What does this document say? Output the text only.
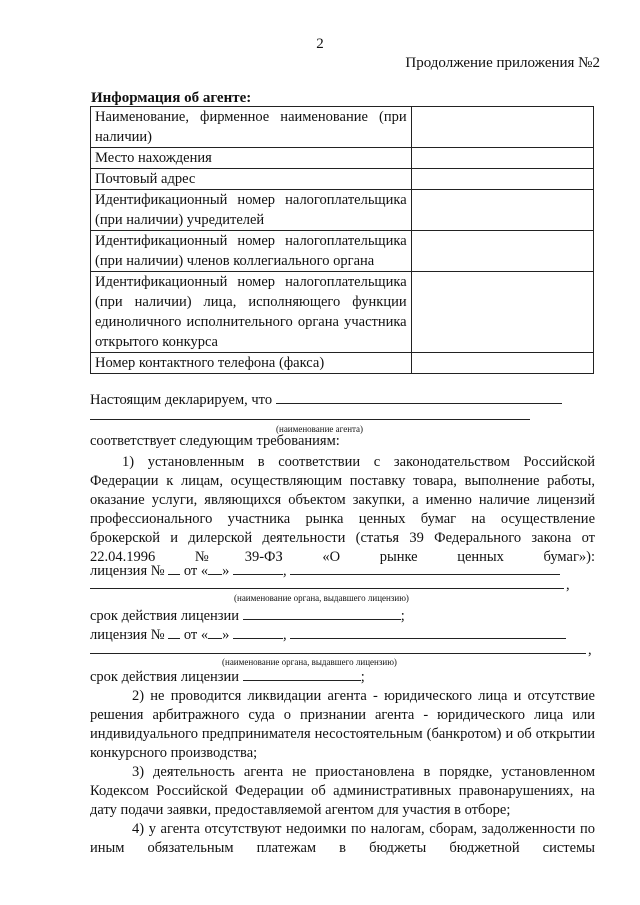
2
Продолжение приложения №2
Информация об агенте:
Наименование, фирменное наименование (при наличии)	
Место нахождения	
Почтовый адрес	
Идентификационный номер налогоплательщика (при наличии) учредителей	
Идентификационный номер налогоплательщика (при наличии) членов коллегиального органа	
Идентификационный номер налогоплательщика (при наличии) лица, исполняющего функции единоличного исполнительного органа участника открытого конкурса	
Номер контактного телефона (факса)	
Настоящим декларируем, что
(наименование агента)
соответствует следующим требованиям:
1) установленным в соответствии с законодательством Российской Федерации к лицам, осуществляющим поставку товара, выполнение работы, оказание услуги, являющихся объектом закупки, а именно наличие лицензий профессионального участника рынка ценных бумаг на осуществление брокерской и дилерской деятельности (статья 39 Федерального закона от 22.04.1996 №39-ФЗ «О рынке ценных бумаг»):
лицензия № от « »	,
,
(наименование органа, выдавшего лицензию)
срок действия лицензии	;
лицензия № от « »	,
,
(наименование органа, выдавшего лицензию)
срок действия лицензии	;
2) не проводится ликвидации агента - юридического лица и отсутствие решения арбитражного суда о признании агента - юридического лица или индивидуального предпринимателя несостоятельным (банкротом) и об открытии конкурсного производства;
3) деятельность агента не приостановлена в порядке, установленном Кодексом Российской Федерации об административных правонарушениях, на дату подачи заявки, предоставляемой агентом для участия в отборе;
4) у агента отсутствуют недоимки по налогам, сборам, задолженности по иным обязательным платежам в бюджеты бюджетной системы
